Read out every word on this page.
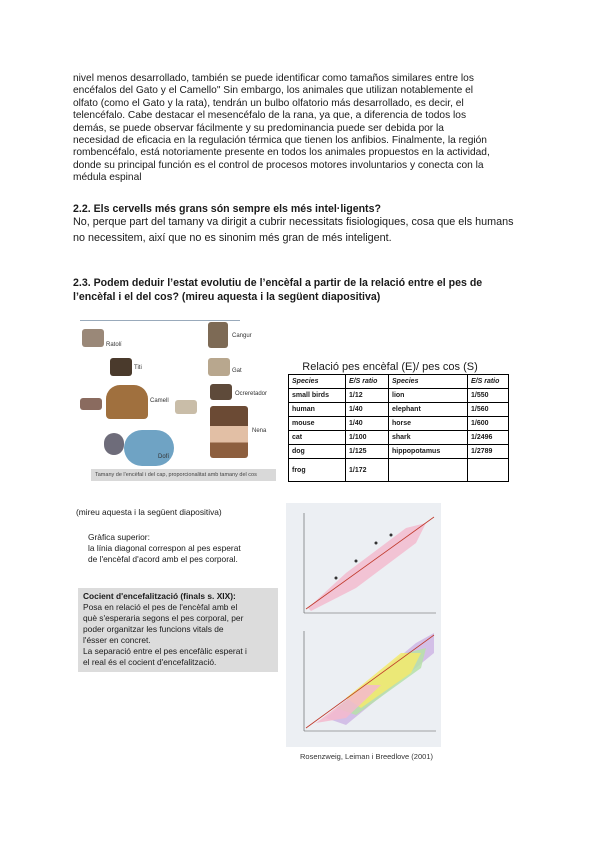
nivel menos desarrollado, también se puede identificar como tamaños similares entre los
encéfalos del Gato y el Camello" Sin embargo, los animales que utilizan notablemente el
olfato (como el Gato y la rata), tendrán un bulbo olfatorio más desarrollado, es decir, el
telencéfalo. Cabe destacar el mesencéfalo de la rana, ya que, a diferencia de todos los
demás, se puede observar fácilmente y su predominancia puede ser debida por la
necesidad de eficacia en la regulación térmica que tienen los anfibios. Finalmente, la región
rombencéfalo, está notoriamente presente en todos los animales propuestos en la actividad,
donde su principal función es el control de procesos motores involuntarios y conecta con la
médula espinal
2.2. Els cervells més grans són sempre els més intel·ligents?
No, perque part del tamany va dirigit a cubrir necessitats fisiologiques, cosa que els humans
no necessitem, així que no es sinonim més gran de més inteligent.
2.3. Podem deduir l’estat evolutiu de l’encèfal a partir de la relació entre el pes de
l’encèfal i el del cos? (mireu aquesta i la següent diapositiva)
Ratolí
Cangur
Titi	Gat
Ocreretador
Camell
Nena
Dofí
Tamany de l'encèfal i del cap, proporcionalitat amb tamany del cos
Relació pes encèfal (E)/ pes cos (S)
Species	E/S ratio	Species	E/S ratio
small birds	1/12	lion	1/550
human	1/40	elephant	1/560
mouse	1/40	horse	1/600
cat	1/100	shark	1/2496
dog	1/125	hippopotamus	1/2789
frog	1/172		
(mireu aquesta i la següent diapositiva)
Gràfica superior:
la línia diagonal correspon al pes esperat
de l'encèfal d'acord amb el pes corporal.
Cocient d'encefalització (finals s. XIX):
Posa en relació el pes de l'encèfal amb el
què s'esperaria segons el pes corporal, per
poder organitzar les funcions vitals de
l'ésser en concret.
La separació entre el pes encefàlic esperat i
el real és el cocient d'encefalització.
Rosenzweig, Leiman i Breedlove (2001)
